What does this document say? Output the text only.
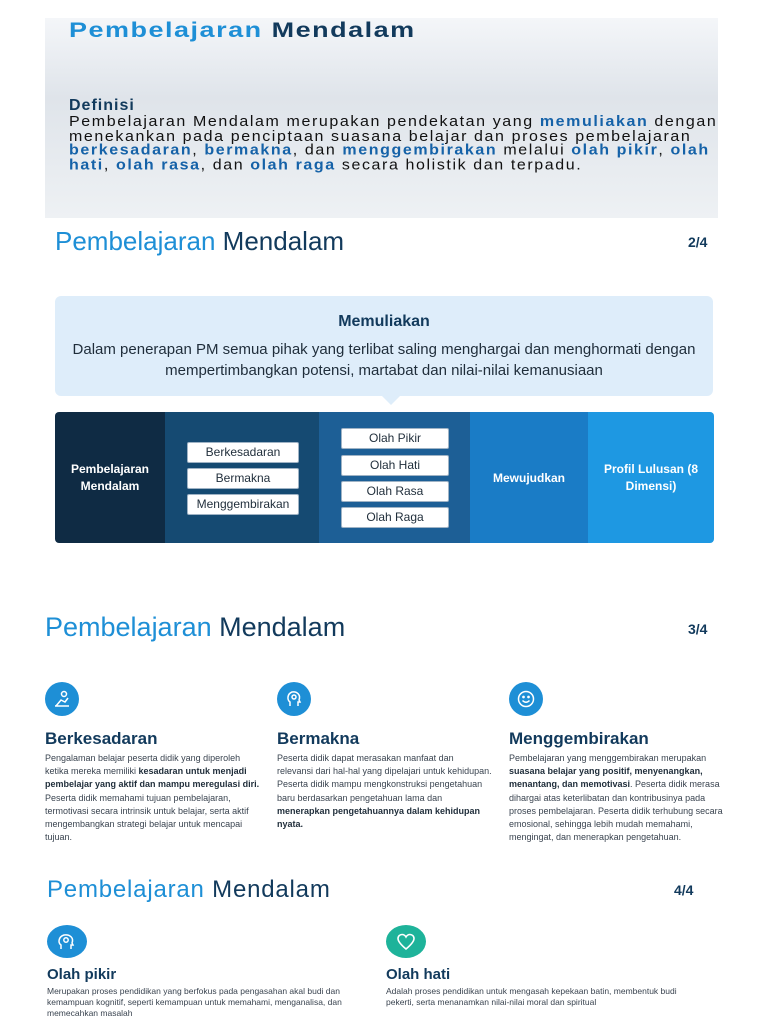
Pembelajaran Mendalam
Definisi
Pembelajaran Mendalam merupakan pendekatan yang memuliakan dengan menekankan pada penciptaan suasana belajar dan proses pembelajaran berkesadaran, bermakna, dan menggembirakan melalui olah pikir, olah hati, olah rasa, dan olah raga secara holistik dan terpadu.
Pembelajaran Mendalam	2/4
Memuliakan
Dalam penerapan PM semua pihak yang terlibat saling menghargai dan menghormati dengan mempertimbangkan potensi, martabat dan nilai-nilai kemanusiaan
Pembelajaran Mendalam
Berkesadaran
Bermakna
Menggembirakan
Olah Pikir
Olah Hati
Olah Rasa
Olah Raga
Mewujudkan
Profil Lulusan (8 Dimensi)
Pembelajaran Mendalam	3/4
Berkesadaran
Pengalaman belajar peserta didik yang diperoleh ketika mereka memiliki kesadaran untuk menjadi pembelajar yang aktif dan mampu meregulasi diri. Peserta didik memahami tujuan pembelajaran, termotivasi secara intrinsik untuk belajar, serta aktif mengembangkan strategi belajar untuk mencapai tujuan.
Bermakna
Peserta didik dapat merasakan manfaat dan relevansi dari hal-hal yang dipelajari untuk kehidupan. Peserta didik mampu mengkonstruksi pengetahuan baru berdasarkan pengetahuan lama dan menerapkan pengetahuannya dalam kehidupan nyata.
Menggembirakan
Pembelajaran yang menggembirakan merupakan suasana belajar yang positif, menyenangkan, menantang, dan memotivasi. Peserta didik merasa dihargai atas keterlibatan dan kontribusinya pada proses pembelajaran. Peserta didik terhubung secara emosional, sehingga lebih mudah memahami, mengingat, dan menerapkan pengetahuan.
Pembelajaran Mendalam	4/4
Olah pikir
Merupakan proses pendidikan yang berfokus pada pengasahan akal budi dan kemampuan kognitif, seperti kemampuan untuk memahami, menganalisa, dan memecahkan masalah
Olah hati
Adalah proses pendidikan untuk mengasah kepekaan batin, membentuk budi pekerti, serta menanamkan nilai-nilai moral dan spiritual
